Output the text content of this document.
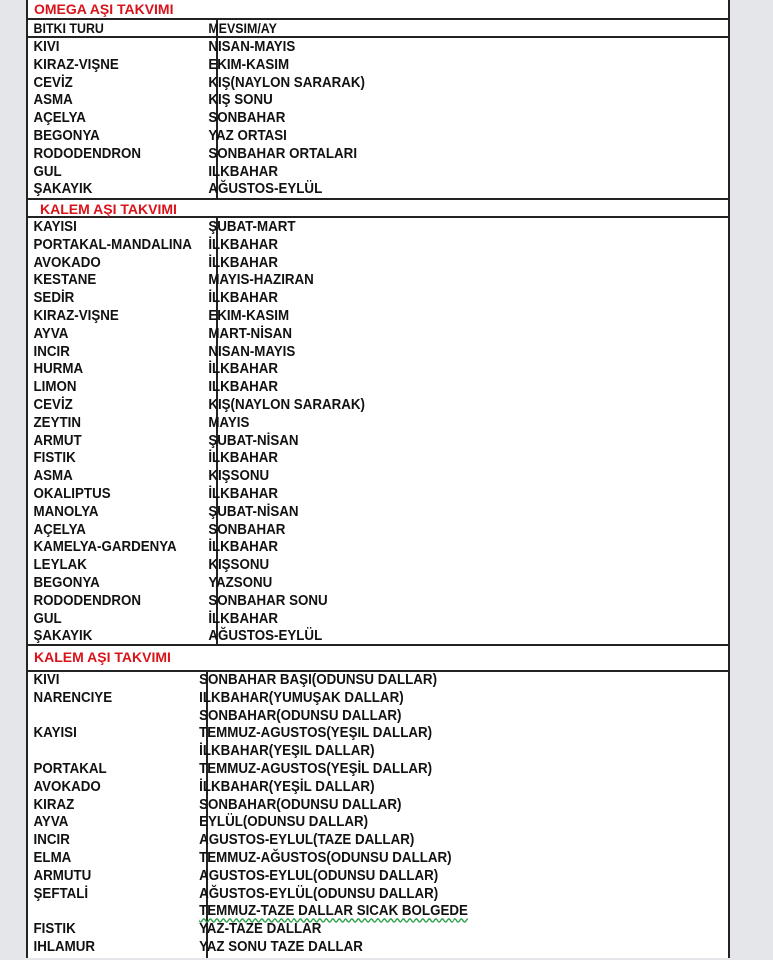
OMEGA AŞI TAKVIMI
BITKI TURU	MEVSIM/AY
KIVI	NISAN-MAYIS
KIRAZ-VIŞNE	EKIM-KASIM
CEVİZ	KIŞ(NAYLON SARARAK)
ASMA	KIŞ SONU
AÇELYA	SONBAHAR
BEGONYA	YAZ ORTASI
RODODENDRON	SONBAHAR ORTALARI
GUL	ILKBAHAR
ŞAKAYIK	AĞUSTOS-EYLÜL
KALEM AŞI TAKVIMI
KAYISI	ŞUBAT-MART
PORTAKAL-MANDALINA İLKBAHAR
AVOKADO	İLKBAHAR
KESTANE	MAYIS-HAZIRAN
SEDİR	İLKBAHAR
KIRAZ-VIŞNE	EKIM-KASIM
AYVA	MART-NİSAN
INCIR	NISAN-MAYIS
HURMA	İLKBAHAR
LIMON	ILKBAHAR
CEVİZ	KIŞ(NAYLON SARARAK)
ZEYTIN	MAYIS
ARMUT	ŞUBAT-NİSAN
FISTIK	İLKBAHAR
ASMA	KIŞSONU
OKALIPTUS	İLKBAHAR
MANOLYA	ŞUBAT-NİSAN
AÇELYA	SONBAHAR
KAMELYA-GARDENYA İLKBAHAR
LEYLAK	KIŞSONU
BEGONYA	YAZSONU
RODODENDRON	SONBAHAR SONU
GUL	İLKBAHAR
ŞAKAYIK	AĞUSTOS-EYLÜL
KALEM AŞI TAKVIMI
KIVI	SONBAHAR BAŞI(ODUNSU DALLAR)
NARENCIYE	ILKBAHAR(YUMUŞAK DALLAR)
SONBAHAR(ODUNSU DALLAR)
KAYISI	TEMMUZ-AGUSTOS(YEŞIL DALLAR)
İLKBAHAR(YEŞIL DALLAR)
PORTAKAL	TEMMUZ-AGUSTOS(YEŞİL DALLAR)
AVOKADO	İLKBAHAR(YEŞİL DALLAR)
KIRAZ	SONBAHAR(ODUNSU DALLAR)
AYVA	EYLÜL(ODUNSU DALLAR)
INCIR	AGUSTOS-EYLUL(TAZE DALLAR)
ELMA	TEMMUZ-AĞUSTOS(ODUNSU DALLAR)
ARMUTU	AGUSTOS-EYLUL(ODUNSU DALLAR)
ŞEFTALİ	AĞUSTOS-EYLÜL(ODUNSU DALLAR)
TEMMUZ-TAZE DALLAR SICAK BOLGEDE
FISTIK	YAZ-TAZE DALLAR
IHLAMUR	YAZ SONU TAZE DALLAR
